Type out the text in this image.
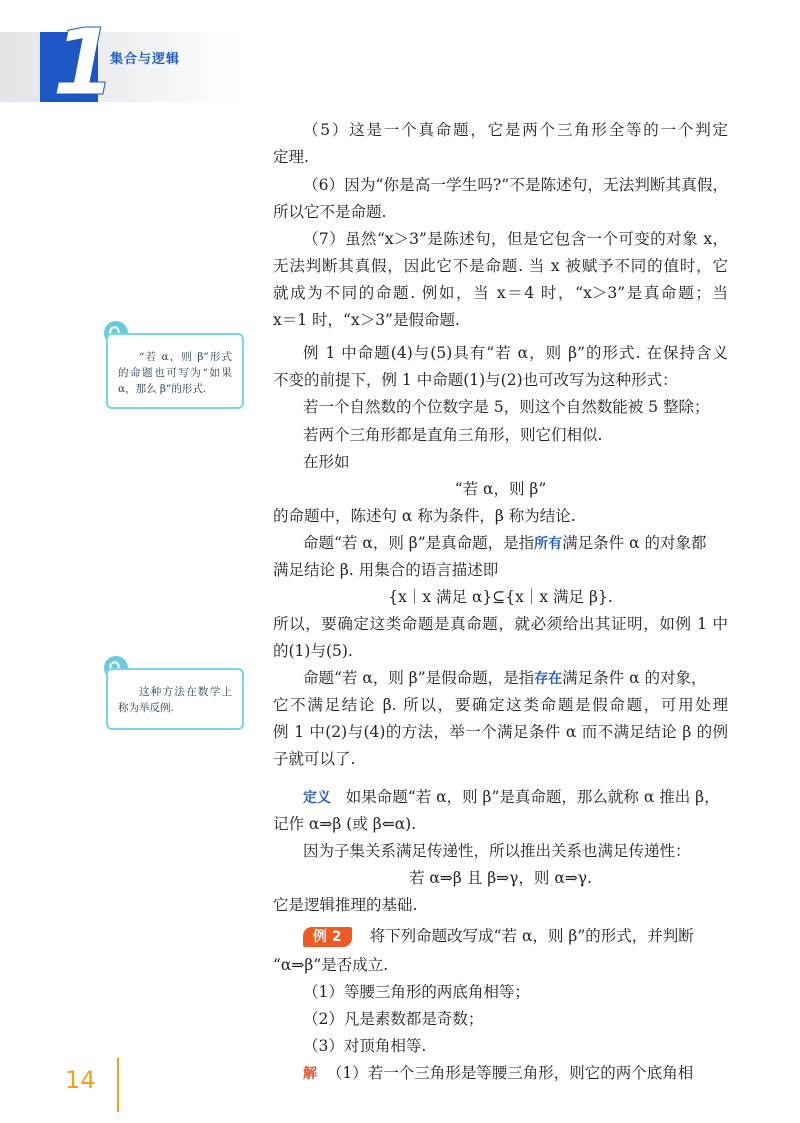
1
集合与逻辑

“若 α，则 β”形式的命题也可写为“如果 α，那么 β”的形式.

这种方法在数学上称为举反例.

（5）这是一个真命题，它是两个三角形全等的一个判定
定理.
（6）因为“你是高一学生吗?”不是陈述句，无法判断其真假，
所以它不是命题.
（7）虽然“x＞3”是陈述句，但是它包含一个可变的对象 x，
无法判断其真假，因此它不是命题. 当 x 被赋予不同的值时，它
就成为不同的命题. 例如，当 x＝4 时，“x＞3”是真命题；当
x＝1 时，“x＞3”是假命题.
例 1 中命题(4)与(5)具有“若 α，则 β”的形式. 在保持含义
不变的前提下，例 1 中命题(1)与(2)也可改写为这种形式：
若一个自然数的个位数字是 5，则这个自然数能被 5 整除；
若两个三角形都是直角三角形，则它们相似.
在形如
“若 α，则 β”
的命题中，陈述句 α 称为条件，β 称为结论.
命题“若 α，则 β”是真命题，是指所有满足条件 α 的对象都
满足结论 β. 用集合的语言描述即
{x｜x 满足 α}⊆{x｜x 满足 β}.
所以，要确定这类命题是真命题，就必须给出其证明，如例 1 中
的(1)与(5).
命题“若 α，则 β”是假命题，是指存在满足条件 α 的对象，
它不满足结论 β. 所以，要确定这类命题是假命题，可用处理
例 1 中(2)与(4)的方法，举一个满足条件 α 而不满足结论 β 的例
子就可以了.
定义 如果命题“若 α，则 β”是真命题，那么就称 α 推出 β，
记作 α⇒β (或 β⇐α).
因为子集关系满足传递性，所以推出关系也满足传递性：
若 α⇒β 且 β⇒γ，则 α⇒γ.
它是逻辑推理的基础.
例 2 将下列命题改写成“若 α，则 β”的形式，并判断
“α⇒β”是否成立.
（1）等腰三角形的两底角相等；
（2）凡是素数都是奇数；
（3）对顶角相等.
解 （1）若一个三角形是等腰三角形，则它的两个底角相
14
